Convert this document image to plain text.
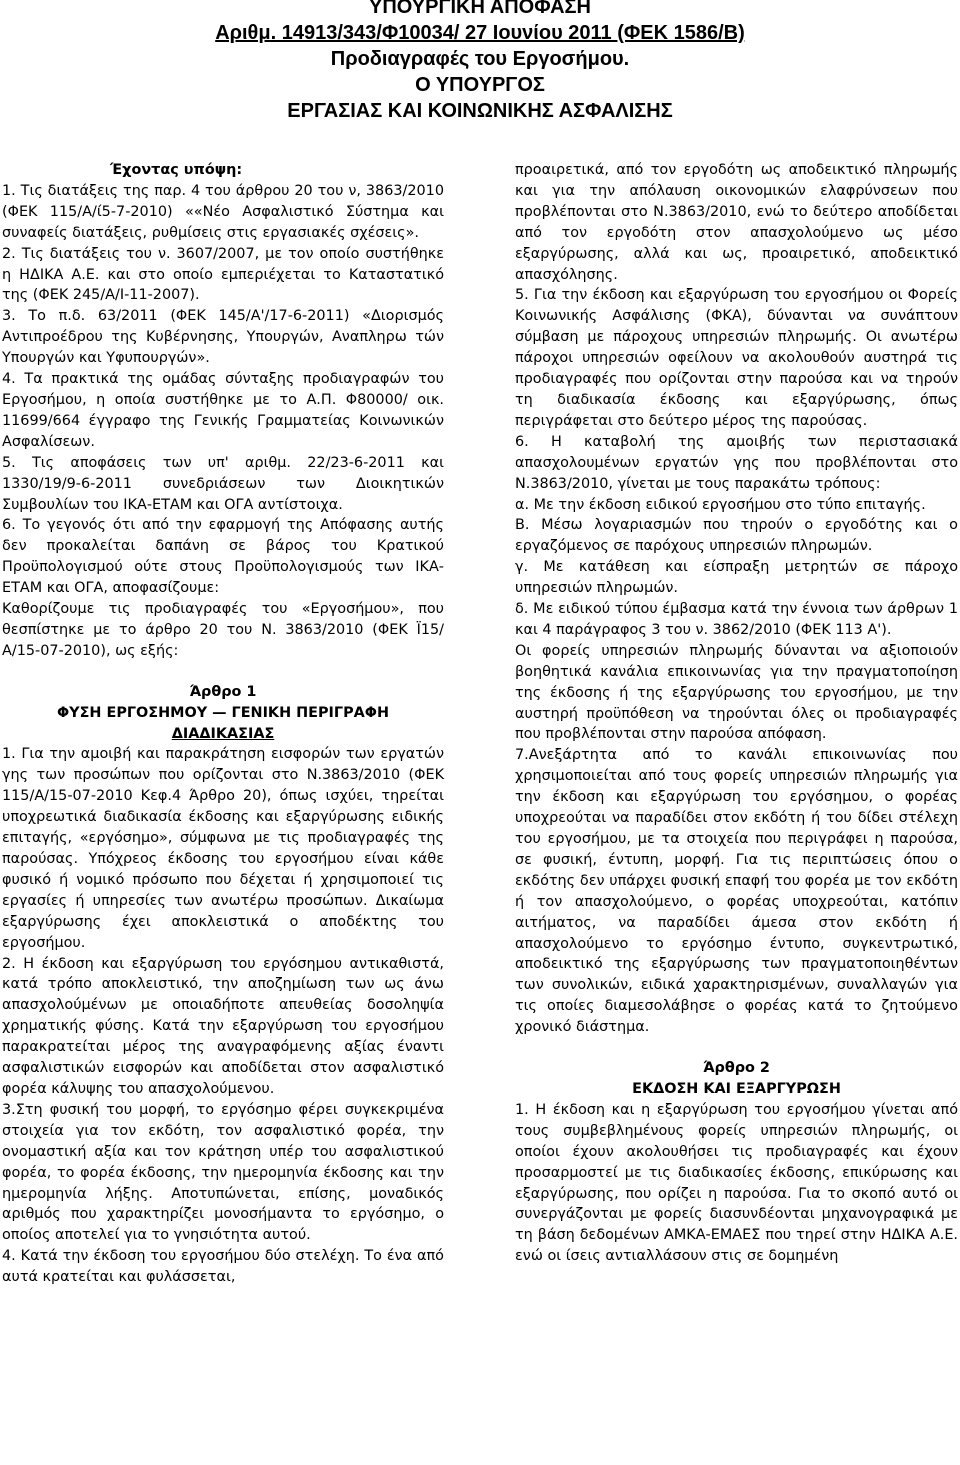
ΥΠΟΥΡΓΙΚΗ ΑΠΟΦΑΣΗ
Αριθμ. 14913/343/Φ10034/ 27 Ιουνίου 2011 (ΦΕΚ 1586/Β)
Προδιαγραφές του Εργοσήμου.
Ο ΥΠΟΥΡΓΟΣ
ΕΡΓΑΣΙΑΣ ΚΑΙ ΚΟΙΝΩΝΙΚΗΣ ΑΣΦΑΛΙΣΗΣ

Έχοντας υπόψη:

1. Τις διατάξεις της παρ. 4 του άρθρου 20 του ν, 3863/2010 (ΦΕΚ 115/Α/ί5-7-2010) ««Νέο Ασφαλιστικό Σύστημα και συναφείς διατάξεις, ρυθμίσεις στις εργασιακές σχέσεις».

2. Τις διατάξεις του ν. 3607/2007, με τον οποίο συστήθηκε η ΗΔΙΚΑ Α.Ε. και στο οποίο εμπεριέχεται το Καταστατικό της (ΦΕΚ 245/Α/Ι-11-2007).

3. Το π.δ. 63/2011 (ΦΕΚ 145/Α'/17-6-2011) «Διορισμός Αντιπροέδρου της Κυβέρνησης, Υπουργών, Αναπληρω τών Υπουργών και Υφυπουργών».

4. Τα πρακτικά της ομάδας σύνταξης προδιαγραφών του Εργοσήμου, η οποία συστήθηκε με το Α.Π. Φ80000/ οικ. 11699/664 έγγραφο της Γενικής Γραμματείας Κοινωνικών Ασφαλίσεων.

5. Τις αποφάσεις των υπ' αριθμ. 22/23-6-2011 και 1330/19/9-6-2011 συνεδριάσεων των Διοικητικών Συμβουλίων του ΙΚΑ-ΕΤΑΜ και ΟΓΑ αντίστοιχα.

6. Το γεγονός ότι από την εφαρμογή της Απόφασης αυτής δεν προκαλείται δαπάνη σε βάρος του Κρατικού Προϋπολογισμού ούτε στους Προϋπολογισμούς των ΙΚΑ-ΕΤΑΜ και ΟΓΑ, αποφασίζουμε:

Καθορίζουμε τις προδιαγραφές του «Εργοσήμου», που θεσπίστηκε με το άρθρο 20 του Ν. 3863/2010 (ΦΕΚ Ϊ15/ Α/15-07-2010), ως εξής:

Άρθρο 1

ΦΥΣΗ ΕΡΓΟΣΗΜΟΥ — ΓΕΝΙΚΗ ΠΕΡΙΓΡΑΦΗ

ΔΙΑΔΙΚΑΣΙΑΣ

1. Για την αμοιβή και παρακράτηση εισφορών των εργατών γης των προσώπων που ορίζονται στο Ν.3863/2010 (ΦΕΚ 115/Α/15-07-2010 Κεφ.4 Άρθρο 20), όπως ισχύει, τηρείται υποχρεωτικά διαδικασία έκδοσης και εξαργύρωσης ειδικής επιταγής, «εργόσημο», σύμφωνα με τις προδιαγραφές της παρούσας. Υπόχρεος έκδοσης του εργοσήμου είναι κάθε φυσικό ή νομικό πρόσωπο που δέχεται ή χρησιμοποιεί τις εργασίες ή υπηρεσίες των ανωτέρω προσώπων. Δικαίωμα εξαργύρωσης έχει αποκλειστικά ο αποδέκτης του εργοσήμου.

2. Η έκδοση και εξαργύρωση του εργόσημου αντικαθιστά, κατά τρόπο αποκλειστικό, την αποζημίωση των ως άνω απασχολούμένων με οποιαδήποτε απευθείας δοσοληψία χρηματικής φύσης. Κατά την εξαργύρωση του εργοσήμου παρακρατείται μέρος της αναγραφόμενης αξίας έναντι ασφαλιστικών εισφορών και αποδίδεται στον ασφαλιστικό φορέα κάλυψης του απασχολούμενου.

3.Στη φυσική του μορφή, το εργόσημο φέρει συγκεκριμένα στοιχεία για τον εκδότη, τον ασφαλιστικό φορέα, την ονομαστική αξία και τον κράτηση υπέρ του ασφαλιστικού φορέα, το φορέα έκδοσης, την ημερομηνία έκδοσης και την ημερομηνία λήξης. Αποτυπώνεται, επίσης, μοναδικός αριθμός που χαρακτηρίζει μονοσήμαντα το εργόσημο, ο οποίος αποτελεί για το γνησιότητα αυτού.

4. Κατά την έκδοση του εργοσήμου δύο στελέχη. Το ένα από αυτά κρατείται και φυλάσσεται,

προαιρετικά, από τον εργοδότη ως αποδεικτικό πληρωμής και για την απόλαυση οικονομικών ελαφρύνσεων που προβλέπονται στο Ν.3863/2010, ενώ το δεύτερο αποδίδεται από τον εργοδότη στον απασχολούμενο ως μέσο εξαργύρωσης, αλλά και ως, προαιρετικό, αποδεικτικό απασχόλησης.

5. Για την έκδοση και εξαργύρωση του εργοσήμου οι Φορείς Κοινωνικής Ασφάλισης (ΦΚΑ), δύνανται να συνάπτουν σύμβαση με πάροχους υπηρεσιών πληρωμής. Οι ανωτέρω πάροχοι υπηρεσιών οφείλουν να ακολουθούν αυστηρά τις προδιαγραφές που ορίζονται στην παρούσα και να τηρούν τη διαδικασία έκδοσης και εξαργύρωσης, όπως περιγράφεται στο δεύτερο μέρος της παρούσας.

6. Η καταβολή της αμοιβής των περιστασιακά απασχολουμένων εργατών γης που προβλέπονται στο Ν.3863/2010, γίνεται με τους παρακάτω τρόπους:

α. Με την έκδοση ειδικού εργοσήμου στο τύπο επιταγής.

Β. Μέσω λογαριασμών που τηρούν ο εργοδότης και ο εργαζόμενος σε παρόχους υπηρεσιών πληρωμών.

γ. Με κατάθεση και είσπραξη μετρητών σε πάροχο υπηρεσιών πληρωμών.

δ. Με ειδικού τύπου έμβασμα κατά την έννοια των άρθρων 1 και 4 παράγραφος 3 του ν. 3862/2010 (ΦΕΚ 113 Α').

Οι φορείς υπηρεσιών πληρωμής δύνανται να αξιοποιούν βοηθητικά κανάλια επικοινωνίας για την πραγματοποίηση της έκδοσης ή της εξαργύρωσης του εργοσήμου, με την αυστηρή προϋπόθεση να τηρούνται όλες οι προδιαγραφές που προβλέπονται στην παρούσα απόφαση.

7.Ανεξάρτητα από το κανάλι επικοινωνίας που χρησιμοποιείται από τους φορείς υπηρεσιών πληρωμής για την έκδοση και εξαργύρωση του εργόσημου, ο φορέας υποχρεούται να παραδίδει στον εκδότη ή του δίδει στέλεχη του εργοσήμου, με τα στοιχεία που περιγράφει η παρούσα, σε φυσική, έντυπη, μορφή. Για τις περιπτώσεις όπου ο εκδότης δεν υπάρχει φυσική επαφή του φορέα με τον εκδότη ή τον απασχολούμενο, ο φορέας υποχρεούται, κατόπιν αιτήματος, να παραδίδει άμεσα στον εκδότη ή απασχολούμενο το εργόσημο έντυπο, συγκεντρωτικό, αποδεικτικό της εξαργύρωσης των πραγματοποιηθέντων των συνολικών, ειδικά χαρακτηρισμένων, συναλλαγών για τις οποίες διαμεσολάβησε ο φορέας κατά το ζητούμενο χρονικό διάστημα.

Άρθρο 2

ΕΚΔΟΣΗ ΚΑΙ ΕΞΑΡΓΥΡΩΣΗ

1. Η έκδοση και η εξαργύρωση του εργοσήμου γίνεται από τους συμβεβλημένους φορείς υπηρεσιών πληρωμής, οι οποίοι έχουν ακολουθήσει τις προδιαγραφές και έχουν προσαρμοστεί με τις διαδικασίες έκδοσης, επικύρωσης και εξαργύρωσης, που ορίζει η παρούσα. Για το σκοπό αυτό οι συνεργάζονται με φορείς διασυνδέονται μηχανογραφικά με τη βάση δεδομένων ΑΜΚΑ-ΕΜΑΕΣ που τηρεί στην ΗΔΙΚΑ Α.Ε. ενώ οι ίσεις αντιαλλάσουν στις σε δομημένη
